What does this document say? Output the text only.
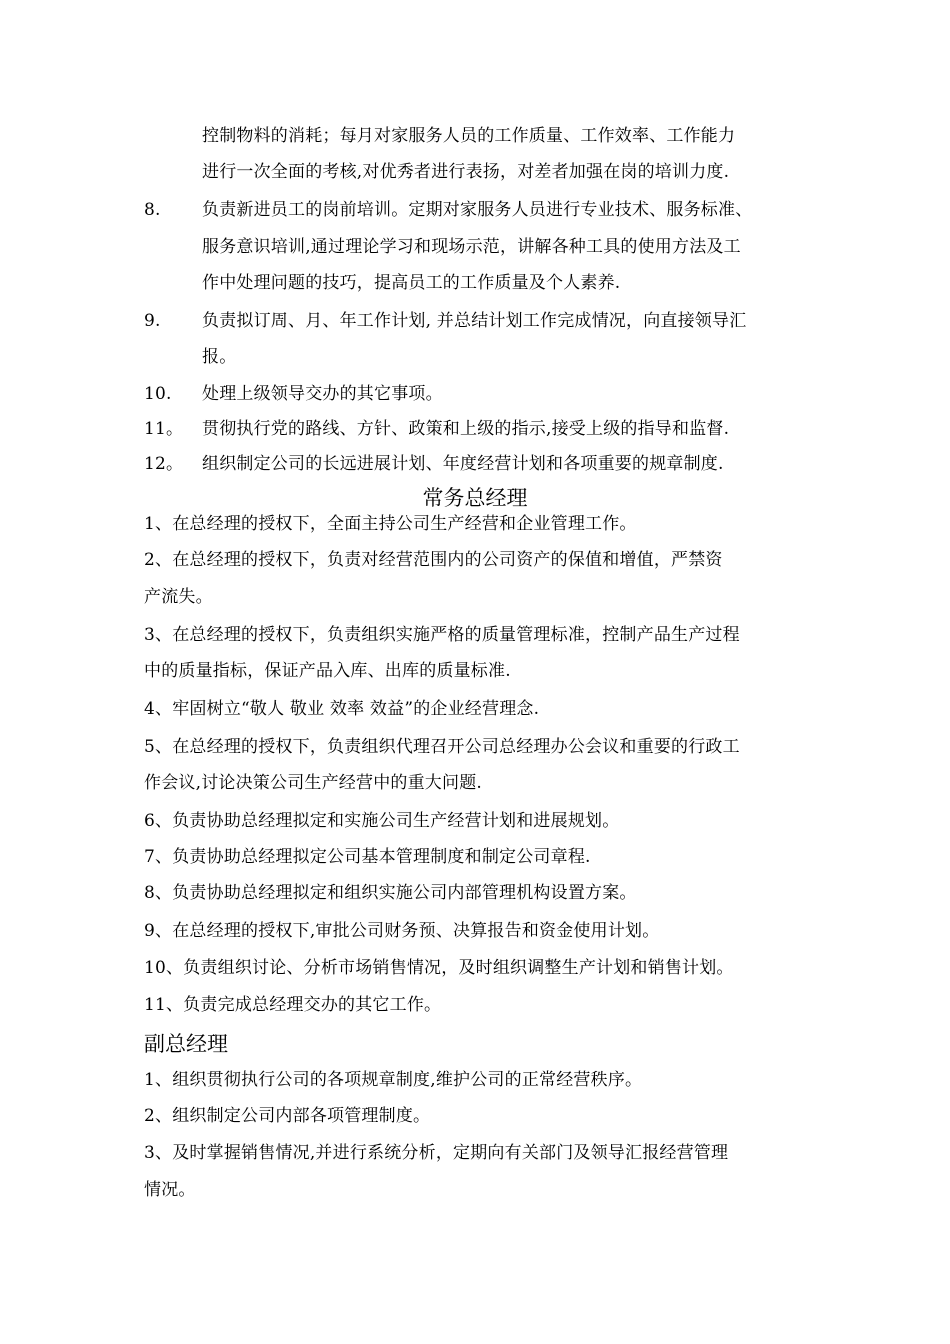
控制物料的消耗；每月对家服务人员的工作质量、工作效率、工作能力
进行一次全面的考核,对优秀者进行表扬，对差者加强在岗的培训力度.
8. 负责新进员工的岗前培训。定期对家服务人员进行专业技术、服务标准、
服务意识培训,通过理论学习和现场示范，讲解各种工具的使用方法及工
作中处理问题的技巧，提高员工的工作质量及个人素养.
9. 负责拟订周、月、年工作计划, 并总结计划工作完成情况，向直接领导汇
报。
10. 处理上级领导交办的其它事项。
11。 贯彻执行党的路线、方针、政策和上级的指示,接受上级的指导和监督.
12。 组织制定公司的长远进展计划、年度经营计划和各项重要的规章制度.
常务总经理
1、在总经理的授权下，全面主持公司生产经营和企业管理工作。
2、在总经理的授权下，负责对经营范围内的公司资产的保值和增值，严禁资
产流失。
3、在总经理的授权下，负责组织实施严格的质量管理标准，控制产品生产过程
中的质量指标，保证产品入库、出库的质量标准.
4、牢固树立“敬人 敬业 效率 效益”的企业经营理念.
5、在总经理的授权下，负责组织代理召开公司总经理办公会议和重要的行政工
作会议,讨论决策公司生产经营中的重大问题.
6、负责协助总经理拟定和实施公司生产经营计划和进展规划。
7、负责协助总经理拟定公司基本管理制度和制定公司章程.
8、负责协助总经理拟定和组织实施公司内部管理机构设置方案。
9、在总经理的授权下,审批公司财务预、决算报告和资金使用计划。
10、负责组织讨论、分析市场销售情况，及时组织调整生产计划和销售计划。
11、负责完成总经理交办的其它工作。
副总经理
1、组织贯彻执行公司的各项规章制度,维护公司的正常经营秩序。
2、组织制定公司内部各项管理制度。
3、及时掌握销售情况,并进行系统分析，定期向有关部门及领导汇报经营管理
情况。
